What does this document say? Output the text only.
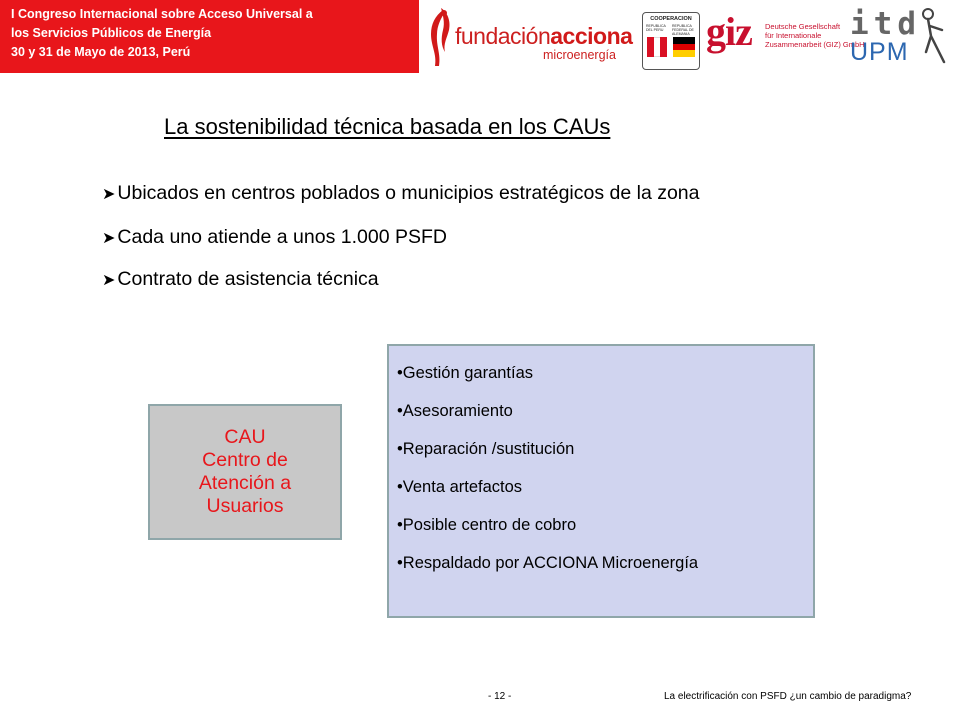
I Congreso Internacional sobre Acceso Universal a
los Servicios Públicos de Energía
30 y 31 de Mayo de 2013, Perú
fundaciónacciona
microenergía
COOPERACION
REPUBLICA DEL PERU
REPUBLICA FEDERAL DE ALEMANIA giz Deutsche Gesellschaft
für Internationale
Zusammenarbeit (GIZ) GmbH
itd
UPM
La sostenibilidad técnica basada en los CAUs
➤ Ubicados en centros poblados o municipios estratégicos de la zona
➤ Cada uno atiende a unos 1.000 PSFD
➤ Contrato de asistencia técnica
CAU
Centro de
Atención a
Usuarios
•Gestión garantías
•Asesoramiento
•Reparación /sustitución
•Venta artefactos
•Posible centro de cobro
•Respaldado por ACCIONA Microenergía
- 12 -	La electrificación con PSFD ¿un cambio de paradigma?
